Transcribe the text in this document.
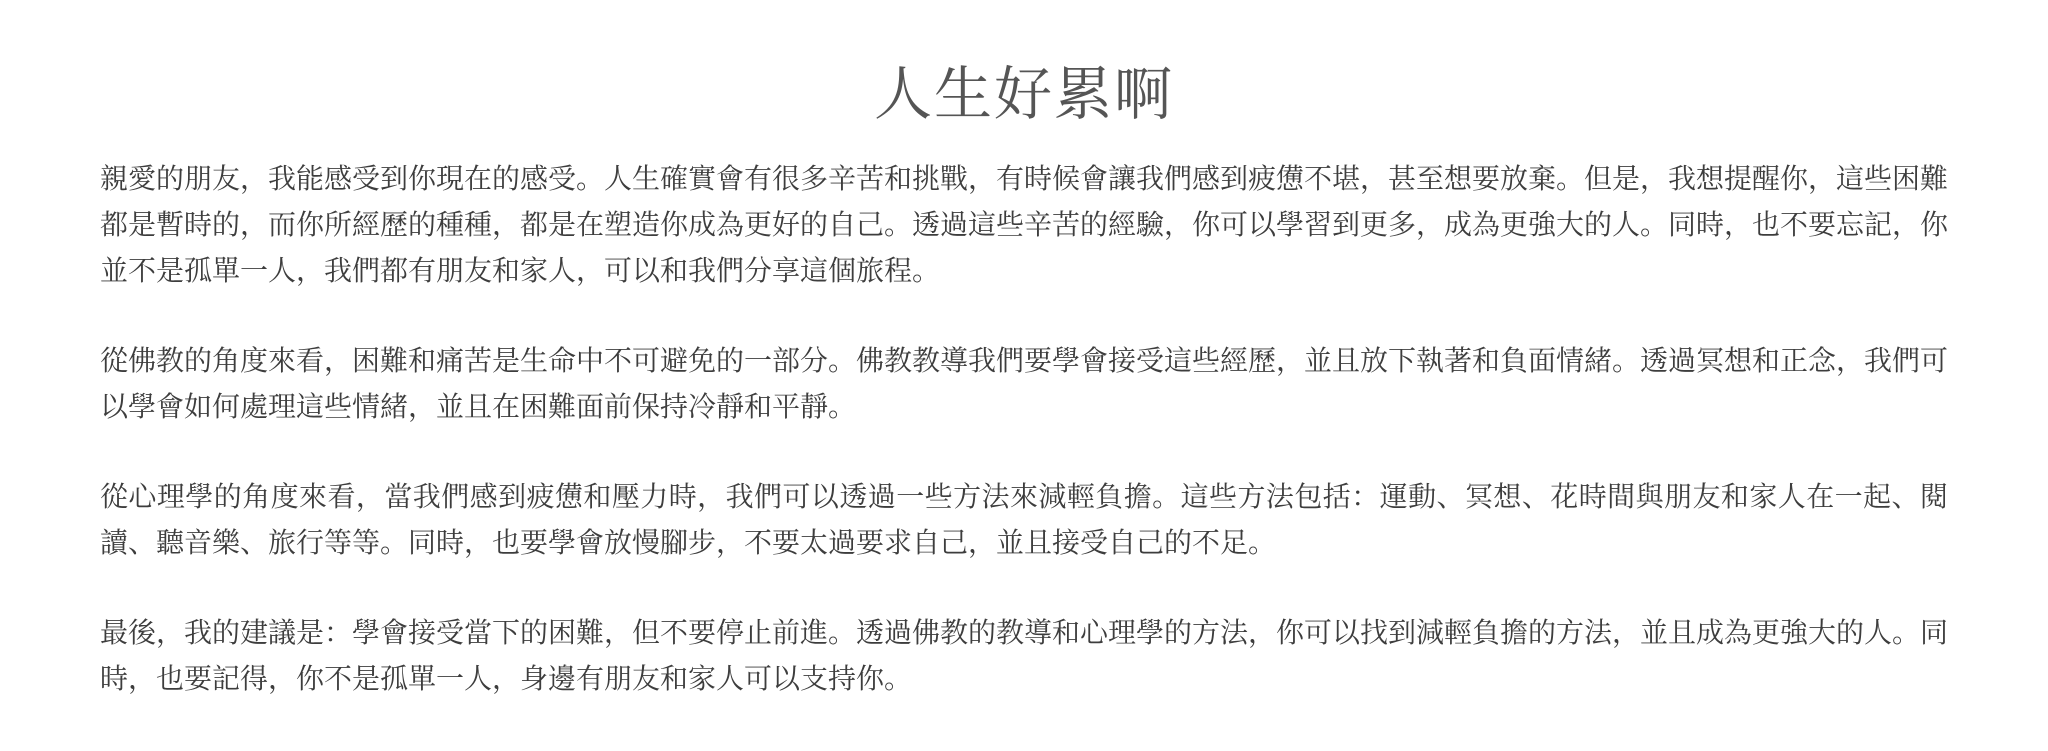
人生好累啊

親愛的朋友，我能感受到你現在的感受。人生確實會有很多辛苦和挑戰，有時候會讓我們感到疲憊不堪，甚至想要放棄。但是，我想提醒你，這些困難都是暫時的，而你所經歷的種種，都是在塑造你成為更好的自己。透過這些辛苦的經驗，你可以學習到更多，成為更強大的人。同時，也不要忘記，你並不是孤單一人，我們都有朋友和家人，可以和我們分享這個旅程。

從佛教的角度來看，困難和痛苦是生命中不可避免的一部分。佛教教導我們要學會接受這些經歷，並且放下執著和負面情緒。透過冥想和正念，我們可以學會如何處理這些情緒，並且在困難面前保持冷靜和平靜。

從心理學的角度來看，當我們感到疲憊和壓力時，我們可以透過一些方法來減輕負擔。這些方法包括：運動、冥想、花時間與朋友和家人在一起、閱讀、聽音樂、旅行等等。同時，也要學會放慢腳步，不要太過要求自己，並且接受自己的不足。

最後，我的建議是：學會接受當下的困難，但不要停止前進。透過佛教的教導和心理學的方法，你可以找到減輕負擔的方法，並且成為更強大的人。同時，也要記得，你不是孤單一人，身邊有朋友和家人可以支持你。
